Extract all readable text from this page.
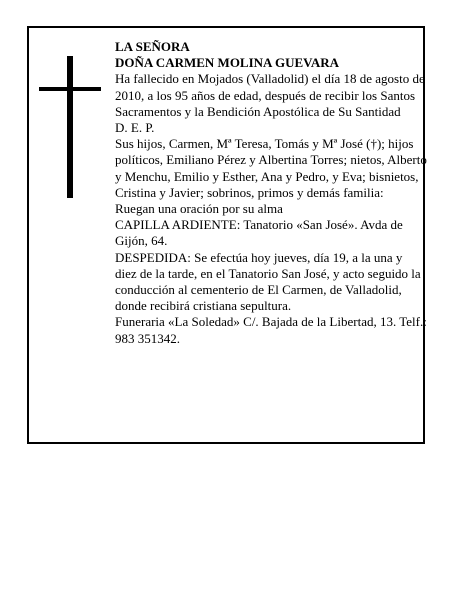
LA SEÑORA

DOÑA CARMEN MOLINA GUEVARA

Ha fallecido en Mojados (Valladolid) el día 18 de agosto de 2010, a los 95 años de edad, después de recibir los Santos Sacramentos y la Bendición Apostólica de Su Santidad

D. E. P.

Sus hijos, Carmen, Mª Teresa, Tomás y Mª José (†); hijos políticos, Emiliano Pérez y Albertina Torres; nietos, Alberto y Menchu, Emilio y Esther, Ana y Pedro, y Eva; bisnietos, Cristina y Javier; sobrinos, primos y demás familia:

Ruegan una oración por su alma

CAPILLA ARDIENTE: Tanatorio «San José». Avda de Gijón, 64.

DESPEDIDA: Se efectúa hoy jueves, día 19, a la una y diez de la tarde, en el Tanatorio San José, y acto seguido la conducción al cementerio de El Carmen, de Valladolid, donde recibirá cristiana sepultura.

Funeraria «La Soledad» C/. Bajada de la Libertad, 13. Telf.: 983 351342.
